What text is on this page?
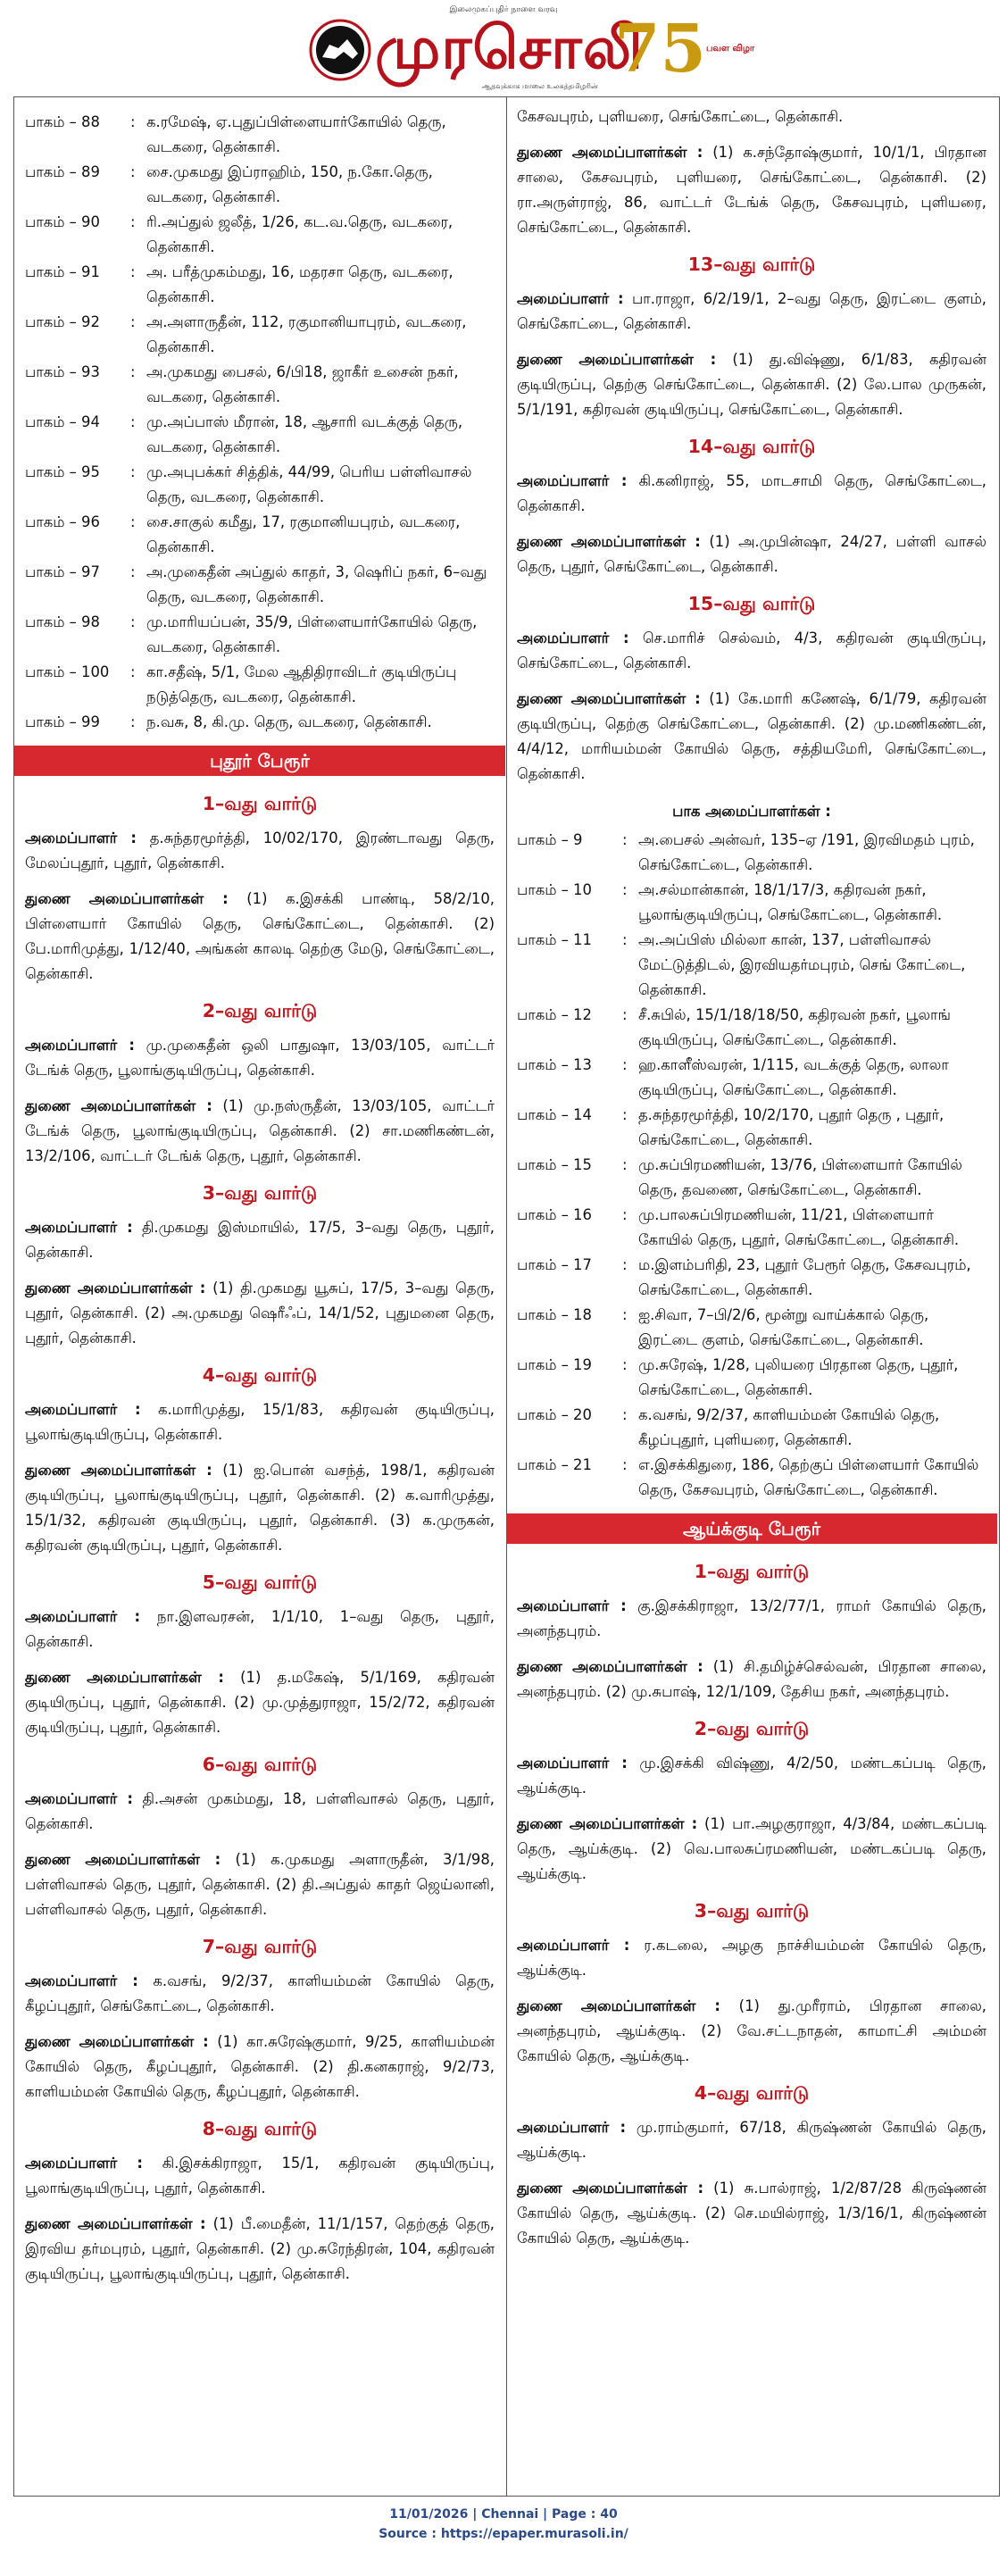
இலைமுகப்புதிர் நாளை வரவு
முரசொலி
ஆதவுக்காக மாலை உலகத்தமிழரின் $75^{பவள விழா}$
பாகம் – 88	:	க.ரமேஷ், ஏ.புதுப்பிள்ளையார்கோயில் தெரு, வடகரை, தென்காசி.
பாகம் – 89	:	சை.முகமது இப்ராஹிம், 150, ந.கோ.தெரு, வடகரை, தென்காசி.
பாகம் – 90	:	ரி.அப்துல் ஜலீத், 1/26, கட.வ.தெரு, வடகரை, தென்காசி.
பாகம் – 91	:	அ. பரீத்முகம்மது, 16, மதரசா தெரு, வடகரை, தென்காசி.
பாகம் – 92	:	அ.அளாருதீன், 112, ரகுமானியாபுரம், வடகரை, தென்காசி.
பாகம் – 93	:	அ.முகமது பைசல், 6/பி18, ஜாகீர் உசைன் நகர், வடகரை, தென்காசி.
பாகம் – 94	:	மு.அப்பாஸ் மீரான், 18, ஆசாரி வடக்குத் தெரு, வடகரை, தென்காசி.
பாகம் – 95	:	மு.அபுபக்கர் சித்திக், 44/99, பெரிய பள்ளிவாசல் தெரு, வடகரை, தென்காசி.
பாகம் – 96	:	சை.சாகுல் கமீது, 17, ரகுமானியபுரம், வடகரை, தென்காசி.
பாகம் – 97	:	அ.முகைதீன் அப்துல் காதர், 3, ஷெரிப் நகர், 6–வது தெரு, வடகரை, தென்காசி.
பாகம் – 98	:	மு.மாரியப்பன், 35/9, பிள்ளையார்கோயில் தெரு, வடகரை, தென்காசி.
பாகம் – 100	:	கா.சதீஷ், 5/1, மேல ஆதிதிராவிடர் குடியிருப்பு நடுத்தெரு, வடகரை, தென்காசி.
பாகம் – 99	:	ந.வசு, 8, கி.மு. தெரு, வடகரை, தென்காசி.
புதூர் பேரூர்
1–வது வார்டு
அமைப்பாளர் : த.சுந்தரமூர்த்தி, 10/02/170, இரண்டாவது தெரு, மேலப்புதூர், புதூர், தென்காசி.
துணை அமைப்பாளர்கள் : (1) க.இசக்கி பாண்டி, 58/2/10, பிள்ளையார் கோயில் தெரு, செங்கோட்டை, தென்காசி. (2) பே.மாரிமுத்து, 1/12/40, அங்கன் காலடி தெற்கு மேடு, செங்கோட்டை, தென்காசி.
2–வது வார்டு
அமைப்பாளர் : மு.முகைதீன் ஒலி பாதுஷா, 13/03/105, வாட்டர் டேங்க் தெரு, பூலாங்குடியிருப்பு, தென்காசி.
துணை அமைப்பாளர்கள் : (1) மு.நஸ்ருதீன், 13/03/105, வாட்டர் டேங்க் தெரு, பூலாங்குடியிருப்பு, தென்காசி. (2) சா.மணிகண்டன், 13/2/106, வாட்டர் டேங்க் தெரு, புதூர், தென்காசி.
3–வது வார்டு
அமைப்பாளர் : தி.முகமது இஸ்மாயில், 17/5, 3–வது தெரு, புதூர், தென்காசி.
துணை அமைப்பாளர்கள் : (1) தி.முகமது யூசுப், 17/5, 3–வது தெரு, புதூர், தென்காசி. (2) அ.முகமது ஷெரீஃப், 14/1/52, புதுமனை தெரு, புதூர், தென்காசி.
4–வது வார்டு
அமைப்பாளர் : க.மாரிமுத்து, 15/1/83, கதிரவன் குடியிருப்பு, பூலாங்குடியிருப்பு, தென்காசி.
துணை அமைப்பாளர்கள் : (1) ஐ.பொன் வசந்த், 198/1, கதிரவன் குடியிருப்பு, பூலாங்குடியிருப்பு, புதூர், தென்காசி. (2) க.வாரிமுத்து, 15/1/32, கதிரவன் குடியிருப்பு, புதூர், தென்காசி. (3) க.முருகன், கதிரவன் குடியிருப்பு, புதூர், தென்காசி.
5–வது வார்டு
அமைப்பாளர் : நா.இளவரசன், 1/1/10, 1–வது தெரு, புதூர், தென்காசி.
துணை அமைப்பாளர்கள் : (1) த.மகேஷ், 5/1/169, கதிரவன் குடியிருப்பு, புதூர், தென்காசி. (2) மு.முத்துராஜா, 15/2/72, கதிரவன் குடியிருப்பு, புதூர், தென்காசி.
6–வது வார்டு
அமைப்பாளர் : தி.அசன் முகம்மது, 18, பள்ளிவாசல் தெரு, புதூர், தென்காசி.
துணை அமைப்பாளர்கள் : (1) க.முகமது அளாருதீன், 3/1/98, பள்ளிவாசல் தெரு, புதூர், தென்காசி. (2) தி.அப்துல் காதர் ஜெய்லானி, பள்ளிவாசல் தெரு, புதூர், தென்காசி.
7–வது வார்டு
அமைப்பாளர் : க.வசங், 9/2/37, காளியம்மன் கோயில் தெரு, கீழப்புதூர், செங்கோட்டை, தென்காசி.
துணை அமைப்பாளர்கள் : (1) கா.சுரேஷ்குமார், 9/25, காளியம்மன் கோயில் தெரு, கீழப்புதூர், தென்காசி. (2) தி.கனகராஜ், 9/2/73, காளியம்மன் கோயில் தெரு, கீழப்புதூர், தென்காசி.
8–வது வார்டு
அமைப்பாளர் : கி.இசக்கிராஜா, 15/1, கதிரவன் குடியிருப்பு, பூலாங்குடியிருப்பு, புதூர், தென்காசி.
துணை அமைப்பாளர்கள் : (1) பீ.மைதீன், 11/1/157, தெற்குத் தெரு, இரவிய தர்மபுரம், புதூர், தென்காசி. (2) மு.சுரேந்திரன், 104, கதிரவன் குடியிருப்பு, பூலாங்குடியிருப்பு, புதூர், தென்காசி.
கேசவபுரம், புளியரை, செங்கோட்டை, தென்காசி.
துணை அமைப்பாளர்கள் : (1) க.சந்தோஷ்குமார், 10/1/1, பிரதான சாலை, கேசவபுரம், புளியரை, செங்கோட்டை, தென்காசி. (2) ரா.அருள்ராஜ், 86, வாட்டர் டேங்க் தெரு, கேசவபுரம், புளியரை, செங்கோட்டை, தென்காசி.
13–வது வார்டு
அமைப்பாளர் : பா.ராஜா, 6/2/19/1, 2–வது தெரு, இரட்டை குளம், செங்கோட்டை, தென்காசி.
துணை அமைப்பாளர்கள் : (1) து.விஷ்ணு, 6/1/83, கதிரவன் குடியிருப்பு, தெற்கு செங்கோட்டை, தென்காசி. (2) லே.பால முருகன், 5/1/191, கதிரவன் குடியிருப்பு, செங்கோட்டை, தென்காசி.
14–வது வார்டு
அமைப்பாளர் : கி.கனிராஜ், 55, மாடசாமி தெரு, செங்கோட்டை, தென்காசி.
துணை அமைப்பாளர்கள் : (1) அ.முபின்ஷா, 24/27, பள்ளி வாசல் தெரு, புதூர், செங்கோட்டை, தென்காசி.
15–வது வார்டு
அமைப்பாளர் : செ.மாரிச் செல்வம், 4/3, கதிரவன் குடியிருப்பு, செங்கோட்டை, தென்காசி.
துணை அமைப்பாளர்கள் : (1) கே.மாரி கணேஷ், 6/1/79, கதிரவன் குடியிருப்பு, தெற்கு செங்கோட்டை, தென்காசி. (2) மு.மணிகண்டன், 4/4/12, மாரியம்மன் கோயில் தெரு, சத்தியமேரி, செங்கோட்டை, தென்காசி.
பாக அமைப்பாளர்கள் :
பாகம் – 9	:	அ.பைசல் அன்வர், 135–ஏ /191, இரவிமதம் புரம், செங்கோட்டை, தென்காசி.
பாகம் – 10	:	அ.சல்மான்கான், 18/1/17/3, கதிரவன் நகர், பூலாங்குடியிருப்பு, செங்கோட்டை, தென்காசி.
பாகம் – 11	:	அ.அப்பிஸ் மில்லா கான், 137, பள்ளிவாசல் மேட்டுத்திடல், இரவியதர்மபுரம், செங் கோட்டை, தென்காசி.
பாகம் – 12	:	சீ.சுபில், 15/1/18/18/50, கதிரவன் நகர், பூலாங் குடியிருப்பு, செங்கோட்டை, தென்காசி.
பாகம் – 13	:	ஹ.காளீஸ்வரன், 1/115, வடக்குத் தெரு, லாலா குடியிருப்பு, செங்கோட்டை, தென்காசி.
பாகம் – 14	:	த.சுந்தரமூர்த்தி, 10/2/170, புதூர் தெரு , புதூர், செங்கோட்டை, தென்காசி.
பாகம் – 15	:	மு.சுப்பிரமணியன், 13/76, பிள்ளையார் கோயில் தெரு, தவணை, செங்கோட்டை, தென்காசி.
பாகம் – 16	:	மு.பாலசுப்பிரமணியன், 11/21, பிள்ளையார் கோயில் தெரு, புதூர், செங்கோட்டை, தென்காசி.
பாகம் – 17	:	ம.இளம்பரிதி, 23, புதூர் பேரூர் தெரு, கேசவபுரம், செங்கோட்டை, தென்காசி.
பாகம் – 18	:	ஐ.சிவா, 7–பி/2/6, மூன்று வாய்க்கால் தெரு, இரட்டை குளம், செங்கோட்டை, தென்காசி.
பாகம் – 19	:	மு.சுரேஷ், 1/28, புலியரை பிரதான தெரு, புதூர், செங்கோட்டை, தென்காசி.
பாகம் – 20	:	க.வசங், 9/2/37, காளியம்மன் கோயில் தெரு, கீழப்புதூர், புளியரை, தென்காசி.
பாகம் – 21	:	எ.இசக்கிதுரை, 186, தெற்குப் பிள்ளையார் கோயில் தெரு, கேசவபுரம், செங்கோட்டை, தென்காசி.
ஆய்க்குடி பேரூர்
1–வது வார்டு
அமைப்பாளர் : கு.இசக்கிராஜா, 13/2/77/1, ராமர் கோயில் தெரு, அனந்தபுரம்.
துணை அமைப்பாளர்கள் : (1) சி.தமிழ்ச்செல்வன், பிரதான சாலை, அனந்தபுரம். (2) மு.சுபாஷ், 12/1/109, தேசிய நகர், அனந்தபுரம்.
2–வது வார்டு
அமைப்பாளர் : மு.இசக்கி விஷ்ணு, 4/2/50, மண்டகப்படி தெரு, ஆய்க்குடி.
துணை அமைப்பாளர்கள் : (1) பா.அழகுராஜா, 4/3/84, மண்டகப்படி தெரு, ஆய்க்குடி. (2) வெ.பாலசுப்ரமணியன், மண்டகப்படி தெரு, ஆய்க்குடி.
3–வது வார்டு
அமைப்பாளர் : ர.கடலை, அழகு நாச்சியம்மன் கோயில் தெரு, ஆய்க்குடி.
துணை அமைப்பாளர்கள் : (1) து.முரீராம், பிரதான சாலை, அனந்தபுரம், ஆய்க்குடி. (2) வே.சட்டநாதன், காமாட்சி அம்மன் கோயில் தெரு, ஆய்க்குடி.
4–வது வார்டு
அமைப்பாளர் : மு.ராம்குமார், 67/18, கிருஷ்ணன் கோயில் தெரு, ஆய்க்குடி.
துணை அமைப்பாளர்கள் : (1) சு.பால்ராஜ், 1/2/87/28 கிருஷ்ணன் கோயில் தெரு, ஆய்க்குடி. (2) செ.மயில்ராஜ், 1/3/16/1, கிருஷ்ணன் கோயில் தெரு, ஆய்க்குடி.
11/01/2026 | Chennai | Page : 40
Source : https://epaper.murasoli.in/
